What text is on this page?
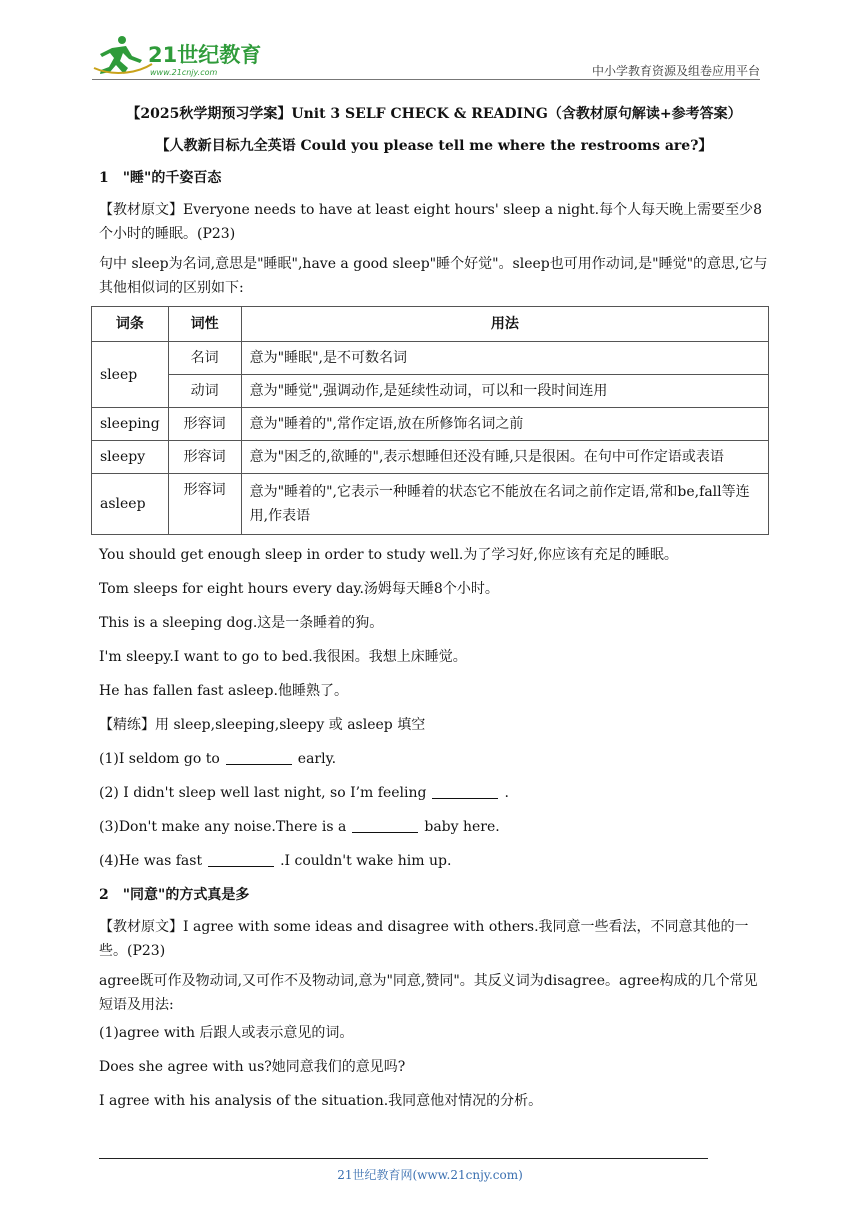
21世纪教育
www.21cnjy.com	中小学教育资源及组卷应用平台
【2025秋学期预习学案】Unit 3 SELF CHECK & READING（含教材原句解读+参考答案）
【人教新目标九全英语 Could you please tell me where the restrooms are?】
1　"睡"的千姿百态

【教材原文】Everyone needs to have at least eight hours' sleep a night.每个人每天晚上需要至少8个小时的睡眠。(P23)

句中 sleep为名词,意思是"睡眠",have a good sleep"睡个好觉"。sleep也可用作动词,是"睡觉"的意思,它与其他相似词的区别如下:

词条	词性	用法
sleep	名词	意为"睡眠",是不可数名词
	动词	意为"睡觉",强调动作,是延续性动词，可以和一段时间连用
sleeping	形容词	意为"睡着的",常作定语,放在所修饰名词之前
sleepy	形容词	意为"困乏的,欲睡的",表示想睡但还没有睡,只是很困。在句中可作定语或表语
asleep	形容词	意为"睡着的",它表示一种睡着的状态它不能放在名词之前作定语,常和be,fall等连用,作表语

You should get enough sleep in order to study well.为了学习好,你应该有充足的睡眠。

Tom sleeps for eight hours every day.汤姆每天睡8个小时。

This is a sleeping dog.这是一条睡着的狗。

I'm sleepy.I want to go to bed.我很困。我想上床睡觉。

He has fallen fast asleep.他睡熟了。

【精练】用 sleep,sleeping,sleepy 或 asleep 填空

(1)I seldom go to	early.

(2) I didn't sleep well last night, so I’m feeling	.

(3)Don't make any noise.There is a	baby here.

(4)He was fast	.I couldn't wake him up.

2　"同意"的方式真是多

【教材原文】I agree with some ideas and disagree with others.我同意一些看法，不同意其他的一些。(P23)

agree既可作及物动词,又可作不及物动词,意为"同意,赞同"。其反义词为disagree。agree构成的几个常见短语及用法:

(1)agree with 后跟人或表示意见的词。

Does she agree with us?她同意我们的意见吗?

I agree with his analysis of the situation.我同意他对情况的分析。

21世纪教育网(www.21cnjy.com)
